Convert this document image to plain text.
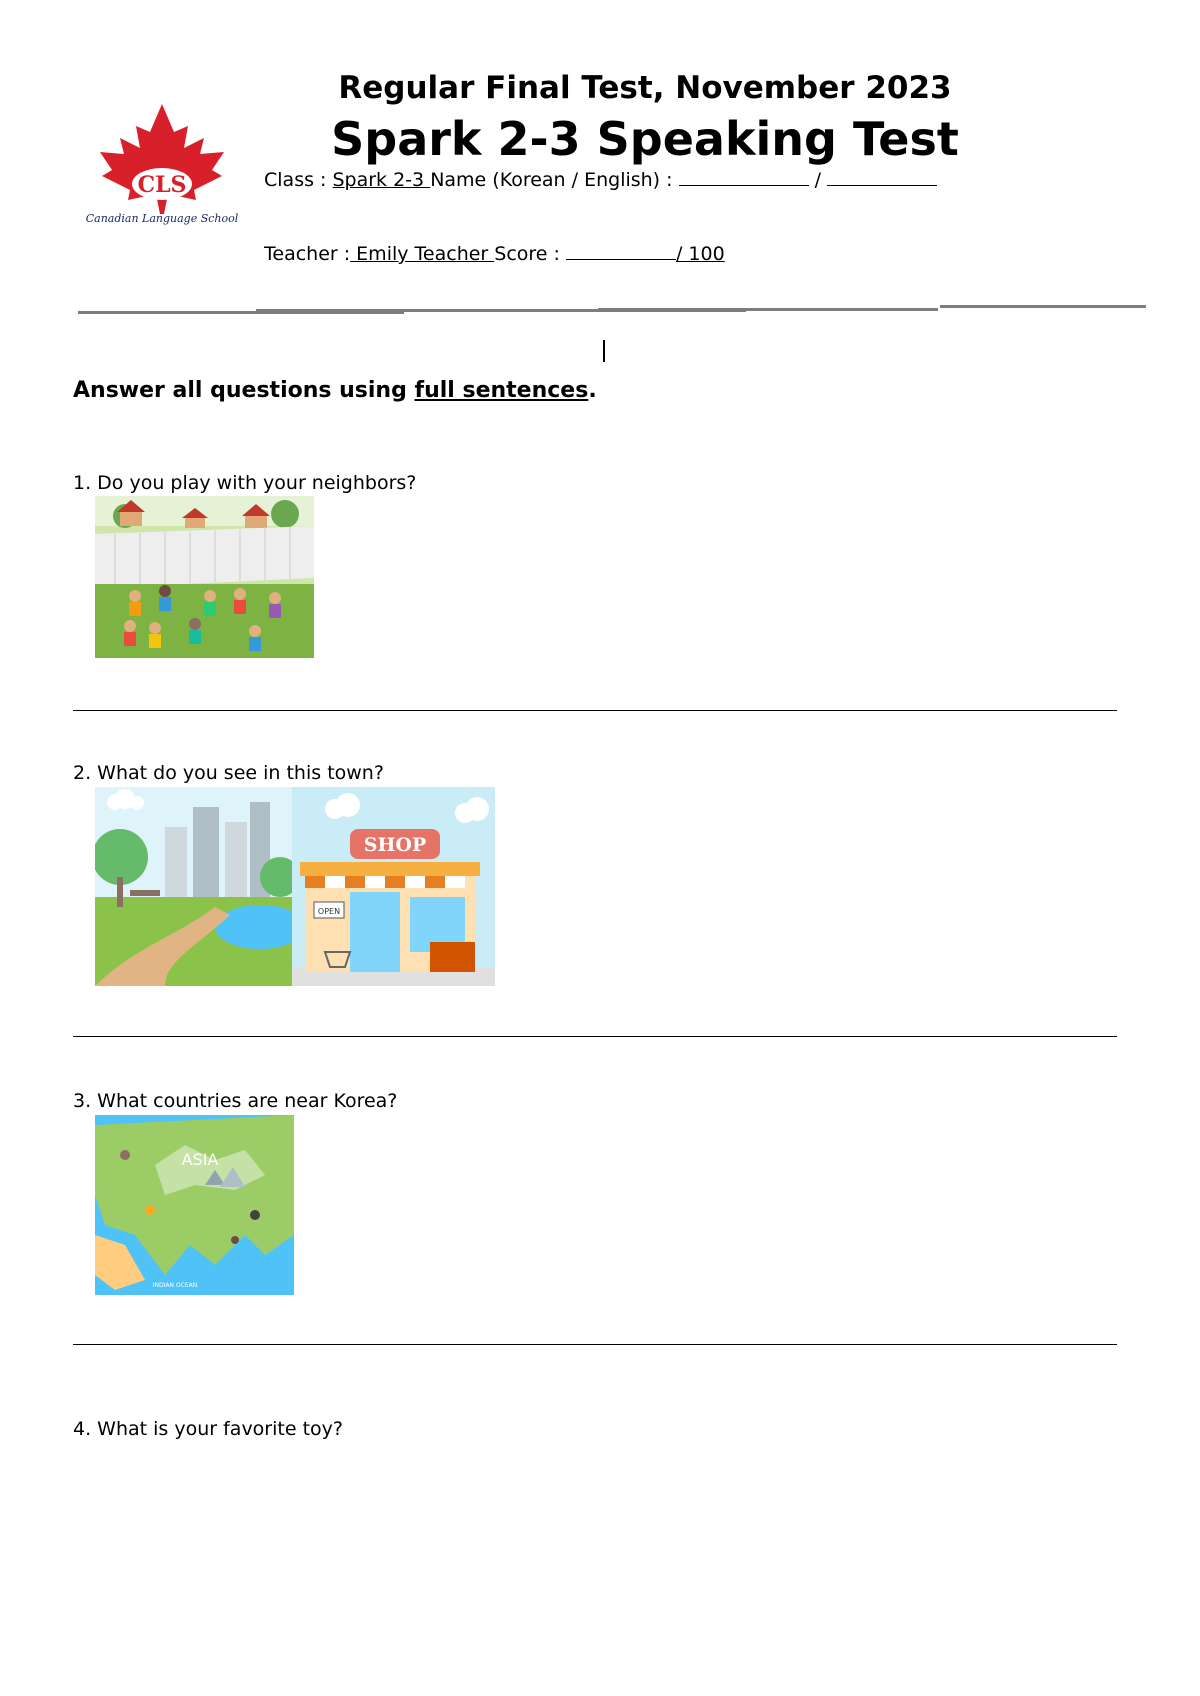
CLS
Canadian Language School
Regular Final Test, November 2023
Spark 2-3 Speaking Test
Class : Spark 2-3 Name (Korean / English) :	/
Teacher : Emily Teacher Score :	/ 100
Answer all questions using full sentences.
1. Do you play with your neighbors?
2. What do you see in this town?
OPEN
SHOP
3. What countries are near Korea?
ASIA
INDIAN OCEAN
4. What is your favorite toy?
